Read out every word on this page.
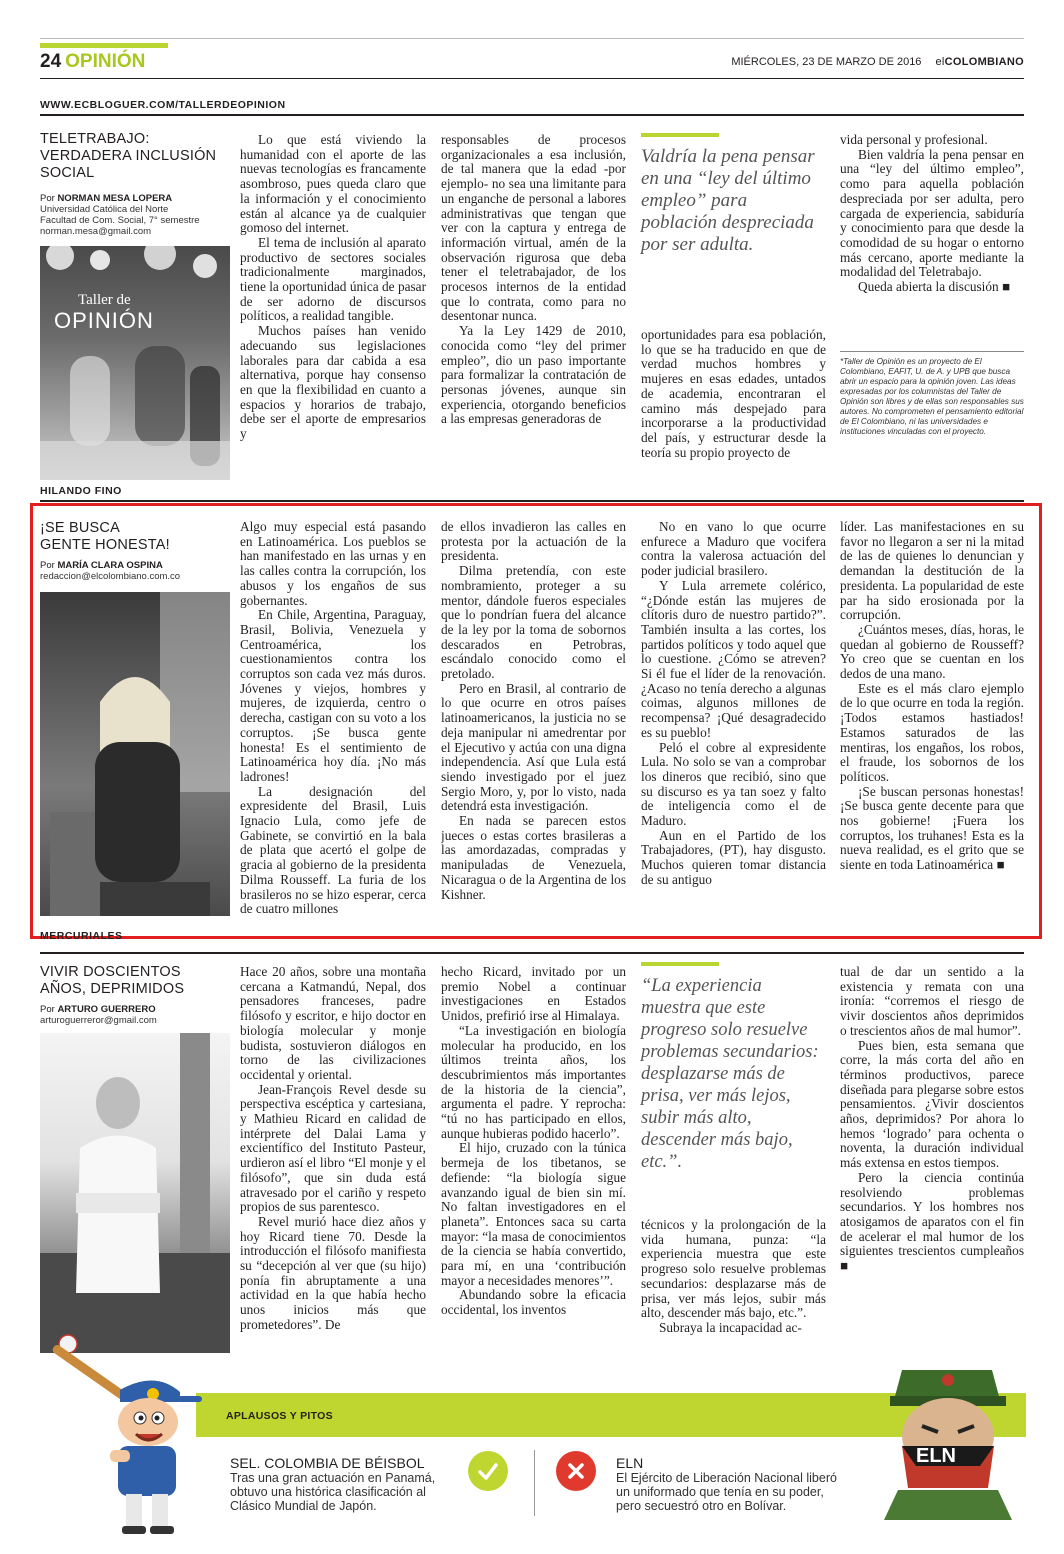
24 OPINIÓN	MIÉRCOLES, 23 DE MARZO DE 2016 elCOLOMBIANO
WWW.ECBLOGUER.COM/TALLERDEOPINION
TELETRABAJO:
VERDADERA INCLUSIÓN
SOCIAL
Por NORMAN MESA LOPERA
Universidad Católica del Norte
Facultad de Com. Social, 7° semestre
norman.mesa@gmail.com
Taller de
OPINIÓN

Lo que está viviendo la humanidad con el aporte de las nuevas tecnologías es francamente asombroso, pues queda claro que la información y el conocimiento están al alcance ya de cualquier gomoso del internet.

El tema de inclusión al aparato productivo de sectores sociales tradicionalmente marginados, tiene la oportunidad única de pasar de ser adorno de discursos políticos, a realidad tangible.

Muchos países han venido adecuando sus legislaciones laborales para dar cabida a esa alternativa, porque hay consenso en que la flexibilidad en cuanto a espacios y horarios de trabajo, debe ser el aporte de empresarios y

responsables de procesos organizacionales a esa inclusión, de tal manera que la edad -por ejemplo- no sea una limitante para un enganche de personal a labores administrativas que tengan que ver con la captura y entrega de información virtual, amén de la observación rigurosa que deba tener el teletrabajador, de los procesos internos de la entidad que lo contrata, como para no desentonar nunca.

Ya la Ley 1429 de 2010, conocida como “ley del primer empleo”, dio un paso importante para formalizar la contratación de personas jóvenes, aunque sin experiencia, otorgando beneficios a las empresas generadoras de

Valdría la pena pensar en una “ley del último empleo” para población despreciada por ser adulta.

oportunidades para esa población, lo que se ha traducido en que de verdad muchos hombres y mujeres en esas edades, untados de academia, encontraran el camino más despejado para incorporarse a la productividad del país, y estructurar desde la teoría su propio proyecto de

vida personal y profesional.

Bien valdría la pena pensar en una “ley del último empleo”, como para aquella población despreciada por ser adulta, pero cargada de experiencia, sabiduría y conocimiento para que desde la comodidad de su hogar o entorno más cercano, aporte mediante la modalidad del Teletrabajo.

Queda abierta la discusión ■

*Taller de Opinión es un proyecto de El Colombiano, EAFIT, U. de A. y UPB que busca abrir un espacio para la opinión joven. Las ideas expresadas por los columnistas del Taller de Opinión son libres y de ellas son responsables sus autores. No comprometen el pensamiento editorial de El Colombiano, ni las universidades e instituciones vinculadas con el proyecto.
HILANDO FINO
¡SE BUSCA
GENTE HONESTA!
Por MARÍA CLARA OSPINA
redaccion@elcolombiano.com.co

Algo muy especial está pasando en Latinoamérica. Los pueblos se han manifestado en las urnas y en las calles contra la corrupción, los abusos y los engaños de sus gobernantes.

En Chile, Argentina, Paraguay, Brasil, Bolivia, Venezuela y Centroamérica, los cuestionamientos contra los corruptos son cada vez más duros. Jóvenes y viejos, hombres y mujeres, de izquierda, centro o derecha, castigan con su voto a los corruptos. ¡Se busca gente honesta! Es el sentimiento de Latinoamérica hoy día. ¡No más ladrones!

La designación del expresidente del Brasil, Luis Ignacio Lula, como jefe de Gabinete, se convirtió en la bala de plata que acertó el golpe de gracia al gobierno de la presidenta Dilma Rousseff. La furia de los brasileros no se hizo esperar, cerca de cuatro millones

de ellos invadieron las calles en protesta por la actuación de la presidenta.

Dilma pretendía, con este nombramiento, proteger a su mentor, dándole fueros especiales que lo pondrían fuera del alcance de la ley por la toma de sobornos descarados en Petrobras, escándalo conocido como el pretolado.

Pero en Brasil, al contrario de lo que ocurre en otros países latinoamericanos, la justicia no se deja manipular ni amedrentar por el Ejecutivo y actúa con una digna independencia. Así que Lula está siendo investigado por el juez Sergio Moro, y, por lo visto, nada detendrá esta investigación.

En nada se parecen estos jueces o estas cortes brasileras a las amordazadas, compradas y manipuladas de Venezuela, Nicaragua o de la Argentina de los Kishner.

No en vano lo que ocurre enfurece a Maduro que vocifera contra la valerosa actuación del poder judicial brasilero.

Y Lula arremete colérico, “¿Dónde están las mujeres de clítoris duro de nuestro partido?”. También insulta a las cortes, los partidos políticos y todo aquel que lo cuestione. ¿Cómo se atreven? Si él fue el líder de la renovación. ¿Acaso no tenía derecho a algunas coimas, algunos millones de recompensa? ¡Qué desagradecido es su pueblo!

Peló el cobre al expresidente Lula. No solo se van a comprobar los dineros que recibió, sino que su discurso es ya tan soez y falto de inteligencia como el de Maduro.

Aun en el Partido de los Trabajadores, (PT), hay disgusto. Muchos quieren tomar distancia de su antiguo

líder. Las manifestaciones en su favor no llegaron a ser ni la mitad de las de quienes lo denuncian y demandan la destitución de la presidenta. La popularidad de este par ha sido erosionada por la corrupción.

¿Cuántos meses, días, horas, le quedan al gobierno de Rousseff? Yo creo que se cuentan en los dedos de una mano.

Este es el más claro ejemplo de lo que ocurre en toda la región. ¡Todos estamos hastiados! Estamos saturados de las mentiras, los engaños, los robos, el fraude, los sobornos de los políticos.

¡Se buscan personas honestas! ¡Se busca gente decente para que nos gobierne! ¡Fuera los corruptos, los truhanes! Esta es la nueva realidad, es el grito que se siente en toda Latinoamérica ■

MERCURIALES
VIVIR DOSCIENTOS
AÑOS, DEPRIMIDOS
Por ARTURO GUERRERO
arturoguerreror@gmail.com

Hace 20 años, sobre una montaña cercana a Katmandú, Nepal, dos pensadores franceses, padre filósofo y escritor, e hijo doctor en biología molecular y monje budista, sostuvieron diálogos en torno de las civilizaciones occidental y oriental.

Jean-François Revel desde su perspectiva escéptica y cartesiana, y Mathieu Ricard en calidad de intérprete del Dalai Lama y excientífico del Instituto Pasteur, urdieron así el libro “El monje y el filósofo”, que sin duda está atravesado por el cariño y respeto propios de sus parentesco.

Revel murió hace diez años y hoy Ricard tiene 70. Desde la introducción el filósofo manifiesta su “decepción al ver que (su hijo) ponía fin abruptamente a una actividad en la que había hecho unos inicios más que prometedores”. De

hecho Ricard, invitado por un premio Nobel a continuar investigaciones en Estados Unidos, prefirió irse al Himalaya.

“La investigación en biología molecular ha producido, en los últimos treinta años, los descubrimientos más importantes de la historia de la ciencia”, argumenta el padre. Y reprocha: “tú no has participado en ellos, aunque hubieras podido hacerlo”.

El hijo, cruzado con la túnica bermeja de los tibetanos, se defiende: “la biología sigue avanzando igual de bien sin mí. No faltan investigadores en el planeta”. Entonces saca su carta mayor: “la masa de conocimientos de la ciencia se había convertido, para mí, en una ‘contribución mayor a necesidades menores’”.

Abundando sobre la eficacia occidental, los inventos

“La experiencia muestra que este progreso solo resuelve problemas secundarios: desplazarse más de prisa, ver más lejos, subir más alto, descender más bajo, etc.”.

técnicos y la prolongación de la vida humana, punza: “la experiencia muestra que este progreso solo resuelve problemas secundarios: desplazarse más de prisa, ver más lejos, subir más alto, descender más bajo, etc.”.

Subraya la incapacidad ac-

tual de dar un sentido a la existencia y remata con una ironía: “corremos el riesgo de vivir doscientos años deprimidos o trescientos años de mal humor”.

Pues bien, esta semana que corre, la más corta del año en términos productivos, parece diseñada para plegarse sobre estos pensamientos. ¿Vivir doscientos años, deprimidos? Por ahora lo hemos ‘logrado’ para ochenta o noventa, la duración individual más extensa en estos tiempos.

Pero la ciencia continúa resolviendo problemas secundarios. Y los hombres nos atosigamos de aparatos con el fin de acelerar el mal humor de los siguientes trescientos cumpleaños ■

APLAUSOS Y PITOS
ELN
SEL. COLOMBIA DE BÉISBOL
Tras una gran actuación en Panamá, obtuvo una histórica clasificación al Clásico Mundial de Japón.
ELN
El Ejército de Liberación Nacional liberó un uniformado que tenía en su poder, pero secuestró otro en Bolívar.
